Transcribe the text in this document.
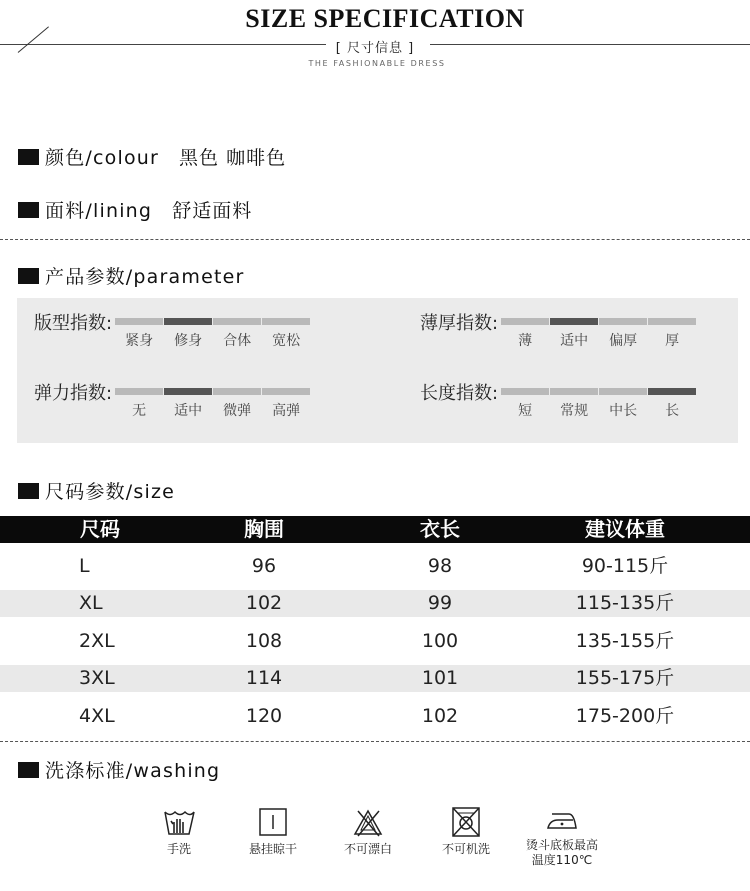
SIZE SPECIFICATION
[ 尺寸信息 ]
THE FASHIONABLE DRESS
颜色/colour 黑色 咖啡色
面料/lining 舒适面料
产品参数/parameter
版型指数:
紧身 修身 合体 宽松
薄厚指数:
薄 适中 偏厚 厚
弹力指数:
无 适中 微弹 高弹
长度指数:
短 常规 中长 长
尺码参数/size
尺码	胸围	衣长	建议体重
L	96	98	90-115斤
XL	102	99	115-135斤
2XL	108	100	135-155斤
3XL	114	101	155-175斤
4XL	120	102	175-200斤
洗涤标准/washing
手洗	悬挂晾干	不可漂白	不可机洗	烫斗底板最高
温度110℃
